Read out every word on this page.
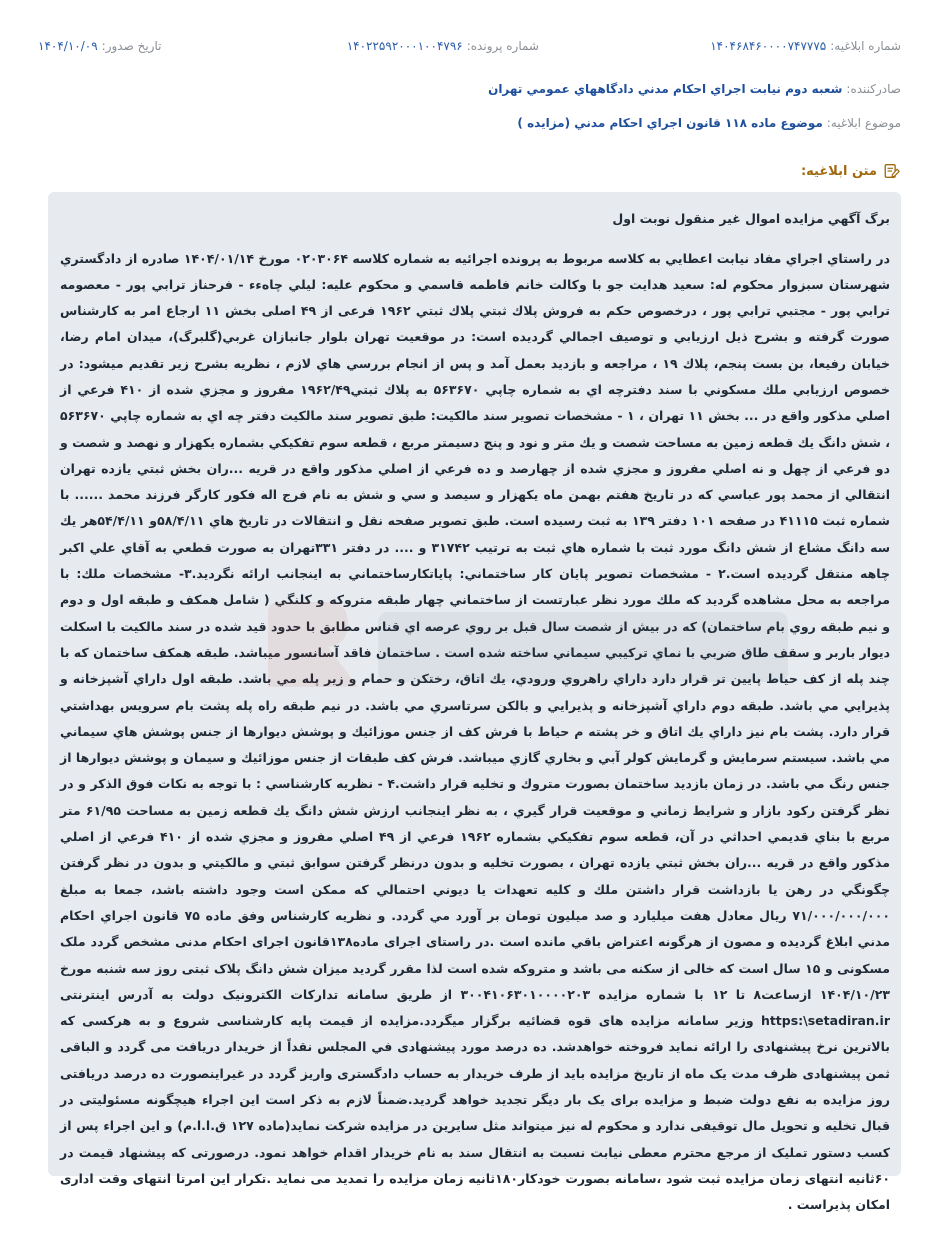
شماره ابلاغیه:
۱۴۰۴۶۸۴۶۰۰۰۰۷۴۷۷۷۵
شماره پرونده:
۱۴۰۲۲۵۹۲۰۰۰۱۰۰۴۷۹۶
تاریخ صدور:
۱۴۰۴/۱۰/۰۹
صادرکننده:
شعبه دوم نيابت اجراي احكام مدني دادگاههاي عمومي تهران
موضوع ابلاغیه:
موضوع ماده ۱۱۸ قانون اجراي احكام مدني (مزايده )
متن ابلاغیه:

برگ آگهي مزايده اموال غير منقول نوبت اول

در راستاي اجراي مفاد نيابت اعطايي به كلاسه مربوط به پرونده اجرائيه به شماره كلاسه ۰۲۰۳۰۶۴ مورخ ۱۴۰۴/۰۱/۱۴ صادره از دادگستري شهرستان سبزوار محكوم له: سعيد هدايت جو با وكالت خانم فاطمه قاسمي و محكوم عليه: ليلي چاهءء - فرحناز ترابي پور - معصومه ترابي پور - مجتبي ترابي پور ، درخصوص حكم به فروش پلاك ثبتي پلاك ثبتي ۱۹۶۲ فرعی از ۴۹ اصلی بخش ۱۱ ارجاع امر به كارشناس صورت گرفته و بشرح ذيل ارزيابي و توصيف اجمالي گرديده است: در موقعيت تهران بلوار جانبازان غربي(گلبرگ)، ميدان امام رضا، خيابان رفيعا، بن بست پنجم، پلاك ۱۹ ، مراجعه و بازديد بعمل آمد و پس از انجام بررسي هاي لازم ، نظريه بشرح زير تقديم ميشود: در خصوص ارزيابي ملك مسكوني با سند دفترچه اي به شماره چاپي ۵۶۳۶۷۰ به پلاك ثبتي۱۹۶۲/۴۹ مفروز و مجزي شده از ۴۱۰ فرعي از اصلي مذكور واقع در ... بخش ۱۱ تهران ، ۱ - مشخصات تصوير سند مالكيت: طبق تصوير سند مالكيت دفتر چه اي به شماره چاپي ۵۶۳۶۷۰ ، شش دانگ يك قطعه زمين به مساحت شصت و يك متر و نود و پنج دسيمتر مربع ، قطعه سوم تفكيكي بشماره يكهزار و نهصد و شصت و دو فرعي از چهل و نه اصلي مفروز و مجزي شده از چهارصد و ده فرعي از اصلي مذكور واقع در قريه ...ران بخش ثبتي يازده تهران انتقالي از محمد پور عباسي كه در تاريخ هفتم بهمن ماه يكهزار و سيصد و سي و شش به نام فرج اله فكور كارگر فرزند محمد ...... با شماره ثبت ۴۱۱۱۵ در صفحه ۱۰۱ دفتر ۱۳۹ به ثبت رسيده است. طبق تصوير صفحه نقل و انتقالات در تاريخ هاي ۵۸/۴/۱۱و ۵۴/۴/۱۱هر يك سه دانگ مشاع از شش دانگ مورد ثبت با شماره هاي ثبت به ترتيب ۳۱۷۴۲ و .... در دفتر ۳۳۱تهران به صورت قطعي به آقاي علي اكبر چاهه منتقل گرديده است.۲ - مشخصات تصوير پايان كار ساختماني: پاياتكارساختماني به اينجانب ارائه نگرديد.۳- مشخصات ملك: با مراجعه به محل مشاهده گرديد كه ملك مورد نظر عبارتست از ساختماني چهار طبقه متروكه و كلنگي ( شامل همكف و طبقه اول و دوم و نيم طبقه روي بام ساختمان) كه در بيش از شصت سال قبل بر روي عرصه اي قناس مطابق با حدود قيد شده در سند مالكيت با اسكلت ديوار باربر و سقف طاق ضربي با نماي تركيبي سيماني ساخته شده است . ساختمان فاقد آسانسور ميباشد. طبقه همكف ساختمان كه با چند پله از كف حياط پايين تر قرار دارد داراي راهروي ورودي، يك اتاق، رختكن و حمام و زير پله مي باشد. طبقه اول داراي آشپزخانه و پذيرايي مي باشد. طبقه دوم داراي آشپزخانه و پذيرايي و بالكن سرتاسري مي باشد. در نيم طبقه راه پله پشت بام سرويس بهداشتي قرار دارد. پشت بام نيز داراي يك اتاق و خر پشته م حياط با فرش كف از جنس موزائيك و پوشش ديوارها از جنس پوشش هاي سيماني مي باشد. سيستم سرمايش و گرمايش كولر آبي و بخاري گازي ميباشد. فرش كف طبقات از جنس موزائيك و سيمان و پوشش ديوارها از جنس رنگ مي باشد. در زمان بازديد ساختمان بصورت متروك و تخليه قرار داشت.۴ - نظريه كارشناسي : با توجه به نكات فوق الذكر و در نظر گرفتن ركود بازار و شرايط زماني و موقعيت قرار گيري ، به نظر اينجانب ارزش شش دانگ يك قطعه زمين به مساحت ۶۱/۹۵ متر مربع با بناي قديمي احداثي در آن، قطعه سوم تفكيكي بشماره ۱۹۶۲ فرعي از ۴۹ اصلي مفروز و مجزي شده از ۴۱۰ فرعي از اصلي مذكور واقع در قريه ...ران بخش ثبتي يازده تهران ، بصورت تخليه و بدون درنظر گرفتن سوابق ثبتي و مالكيتي و بدون در نظر گرفتن چگونگي در رهن يا بازداشت قرار داشتن ملك و كليه تعهدات يا ديوني احتمالي كه ممكن است وجود داشته باشد، جمعا به مبلغ ۷۱/۰۰۰/۰۰۰/۰۰۰ ريال معادل هفت ميليارد و صد ميليون تومان بر آورد مي گردد. و نظريه كارشناس وفق ماده ۷۵ قانون اجراي احكام مدني ابلاغ گرديده و مصون از هرگونه اعتراض باقي مانده است .در راستای اجرای ماده۱۳۸قانون اجرای احکام مدنی مشخص گردد ملک مسکونی و ۱۵ سال است که خالی از سکنه می باشد و متروکه شده است لذا مقرر گرديد ميزان شش دانگ پلاک ثبتی روز سه شنبه مورخ ۱۴۰۴/۱۰/۲۳ ازساعت۸ تا ۱۲ با شماره مزايده ۳۰۰۴۱۰۶۳۰۱۰۰۰۰۲۰۳ از طريق سامانه تدارکات الکترونيک دولت به آدرس اينترنتی https:\setadiran.ir وزير سامانه مزايده های قوه قضائيه برگزار ميگردد.مزايده از قيمت پايه کارشناسی شروع و به هرکسی که بالاترين نرخ پيشنهادی را ارائه نمايد فروخته خواهدشد. ده درصد مورد پيشنهادی في المجلس نقداً از خريدار دريافت می گردد و الباقی ثمن پيشنهادی ظرف مدت يک ماه از تاريخ مزايده بايد از طرف خريدار به حساب دادگستری واريز گردد در غيراينصورت ده درصد دريافتی روز مزايده به نفع دولت ضبط و مزايده برای يک بار ديگر تجديد خواهد گرديد.ضمناً لازم به ذكر است اين اجراء هيچگونه مسئوليتی در قبال تخليه و تحويل مال توقيفی ندارد و محكوم له نيز ميتواند مثل سايرين در مزايده شركت نمايد(ماده ۱۲۷ ق.ا.ا.م) و اين اجراء پس از کسب دستور تمليک از مرجع محترم معطی نيابت نسبت به انتقال سند به نام خريدار اقدام خواهد نمود. درصورتی که پيشنهاد قيمت در ۶۰ثانيه انتهای زمان مزايده ثبت شود ،سامانه بصورت خودکار۱۸۰ثانيه زمان مزايده را تمديد می نمايد .تکرار اين امرتا انتهای وقت اداری امکان پذيراست .
